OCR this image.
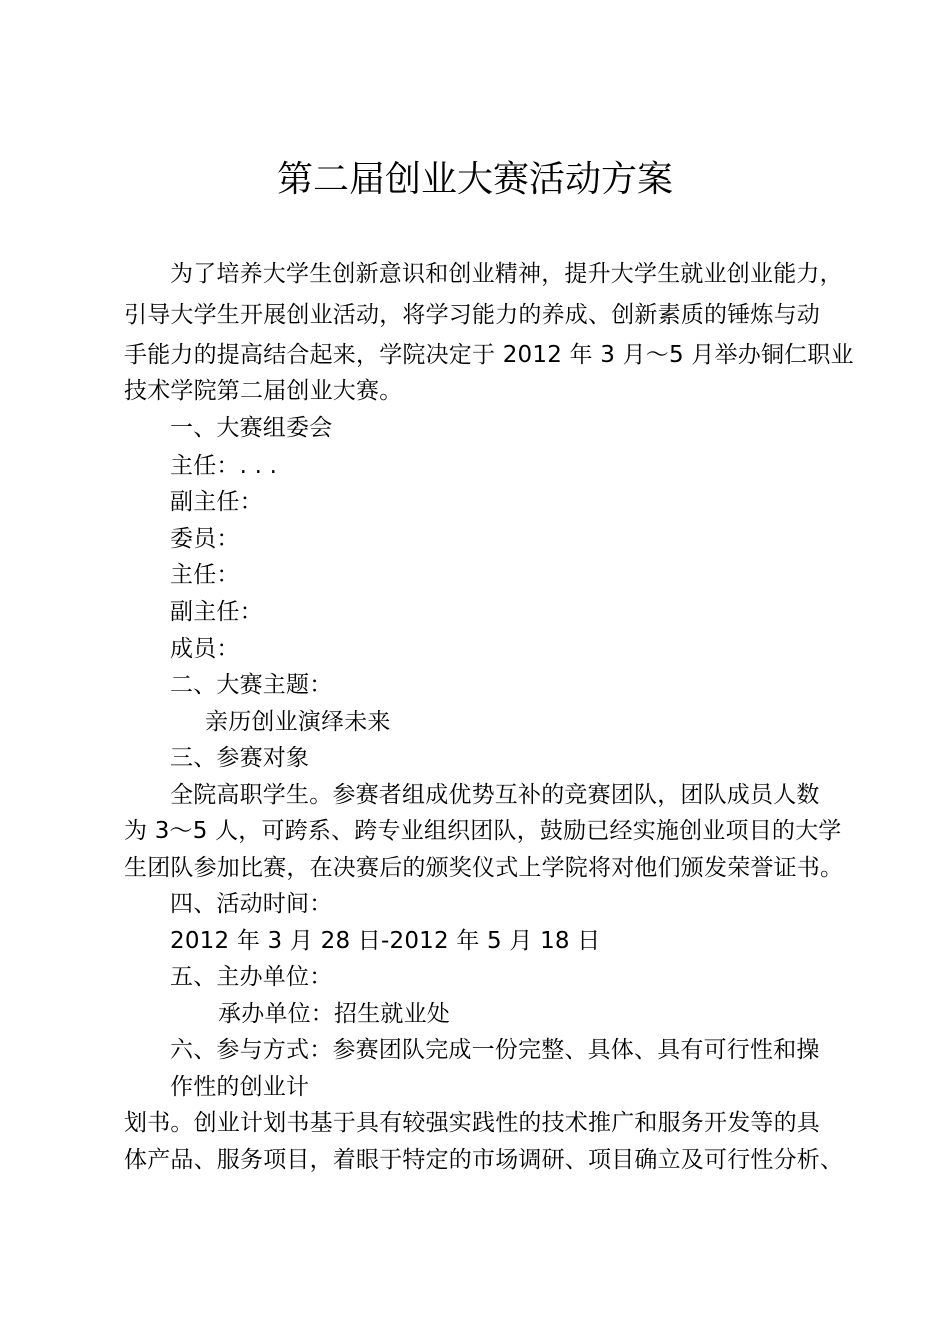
第二届创业大赛活动方案
为了培养大学生创新意识和创业精神，提升大学生就业创业能力，
引导大学生开展创业活动，将学习能力的养成、创新素质的锤炼与动
手能力的提高结合起来，学院决定于 2012 年 3 月～5 月举办铜仁职业
技术学院第二届创业大赛。
一、大赛组委会
主任：. . .
副主任：
委员：
主任：
副主任：
成员：
二、大赛主题：
亲历创业演绎未来
三、参赛对象
全院高职学生。参赛者组成优势互补的竞赛团队，团队成员人数
为 3～5 人，可跨系、跨专业组织团队，鼓励已经实施创业项目的大学
生团队参加比赛，在决赛后的颁奖仪式上学院将对他们颁发荣誉证书。
四、活动时间：
2012 年 3 月 28 日-2012 年 5 月 18 日
五、主办单位：
承办单位：招生就业处
六、参与方式：参赛团队完成一份完整、具体、具有可行性和操
作性的创业计
划书。创业计划书基于具有较强实践性的技术推广和服务开发等的具
体产品、服务项目，着眼于特定的市场调研、项目确立及可行性分析、
